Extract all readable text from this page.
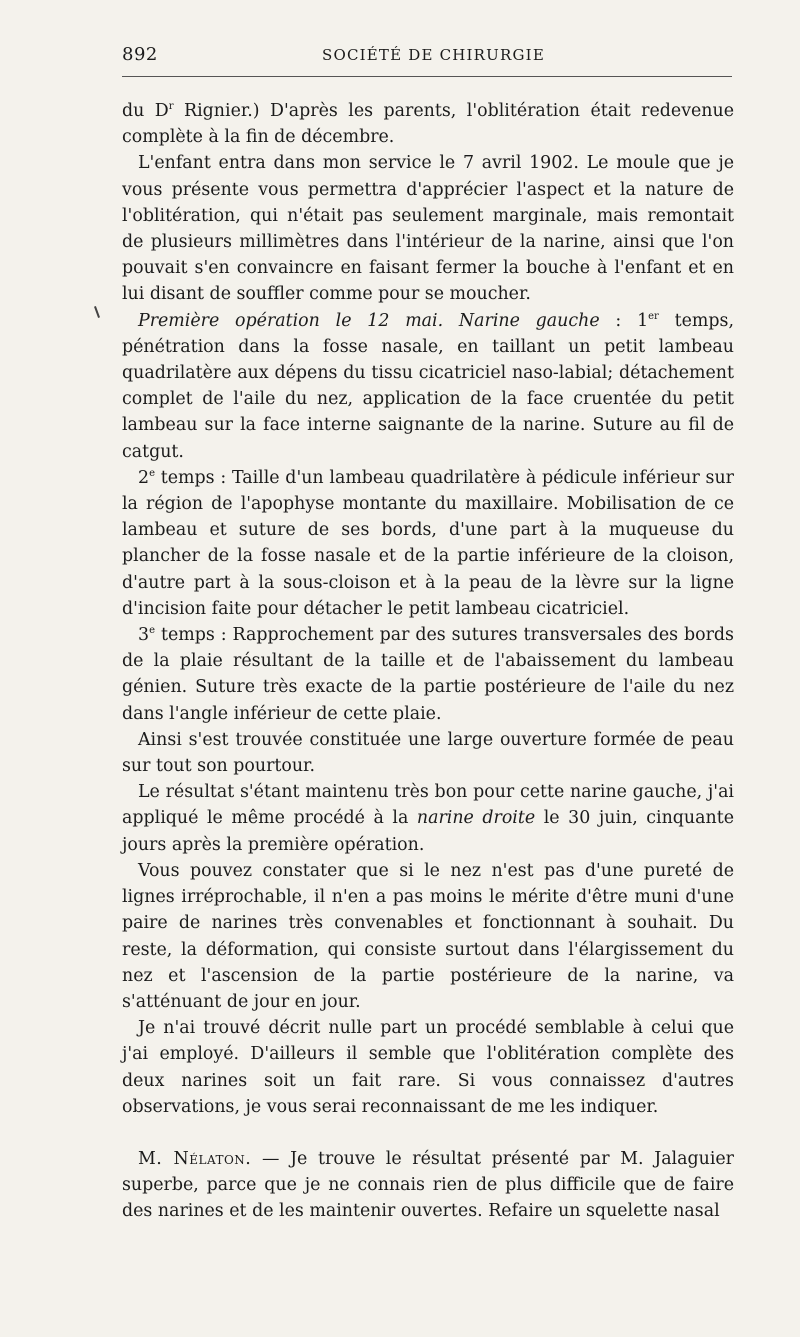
892	SOCIÉTÉ DE CHIRURGIE

du $D^r$ Rignier.) D'après les parents, l'oblitération était redevenue complète à la fin de décembre.

L'enfant entra dans mon service le 7 avril 1902. Le moule que je vous présente vous permettra d'apprécier l'aspect et la nature de l'oblitération, qui n'était pas seulement marginale, mais remontait de plusieurs millimètres dans l'intérieur de la narine, ainsi que l'on pouvait s'en convaincre en faisant fermer la bouche à l'enfant et en lui disant de souffler comme pour se moucher.

Première opération le 12 mai. Narine gauche : 1er temps, pénétration dans la fosse nasale, en taillant un petit lambeau quadrilatère aux dépens du tissu cicatriciel naso-labial; détachement complet de l'aile du nez, application de la face cruentée du petit lambeau sur la face interne saignante de la narine. Suture au fil de catgut.

2e temps : Taille d'un lambeau quadrilatère à pédicule inférieur sur la région de l'apophyse montante du maxillaire. Mobilisation de ce lambeau et suture de ses bords, d'une part à la muqueuse du plancher de la fosse nasale et de la partie inférieure de la cloison, d'autre part à la sous-cloison et à la peau de la lèvre sur la ligne d'incision faite pour détacher le petit lambeau cicatriciel.

3e temps : Rapprochement par des sutures transversales des bords de la plaie résultant de la taille et de l'abaissement du lambeau génien. Suture très exacte de la partie postérieure de l'aile du nez dans l'angle inférieur de cette plaie.

Ainsi s'est trouvée constituée une large ouverture formée de peau sur tout son pourtour.

Le résultat s'étant maintenu très bon pour cette narine gauche, j'ai appliqué le même procédé à la narine droite le 30 juin, cinquante jours après la première opération.

Vous pouvez constater que si le nez n'est pas d'une pureté de lignes irréprochable, il n'en a pas moins le mérite d'être muni d'une paire de narines très convenables et fonctionnant à souhait. Du reste, la déformation, qui consiste surtout dans l'élargissement du nez et l'ascension de la partie postérieure de la narine, va s'atténuant de jour en jour.

Je n'ai trouvé décrit nulle part un procédé semblable à celui que j'ai employé. D'ailleurs il semble que l'oblitération complète des deux narines soit un fait rare. Si vous connaissez d'autres observations, je vous serai reconnaissant de me les indiquer.

M. Nélaton. — Je trouve le résultat présenté par M. Jalaguier superbe, parce que je ne connais rien de plus difficile que de faire des narines et de les maintenir ouvertes. Refaire un squelette nasal
